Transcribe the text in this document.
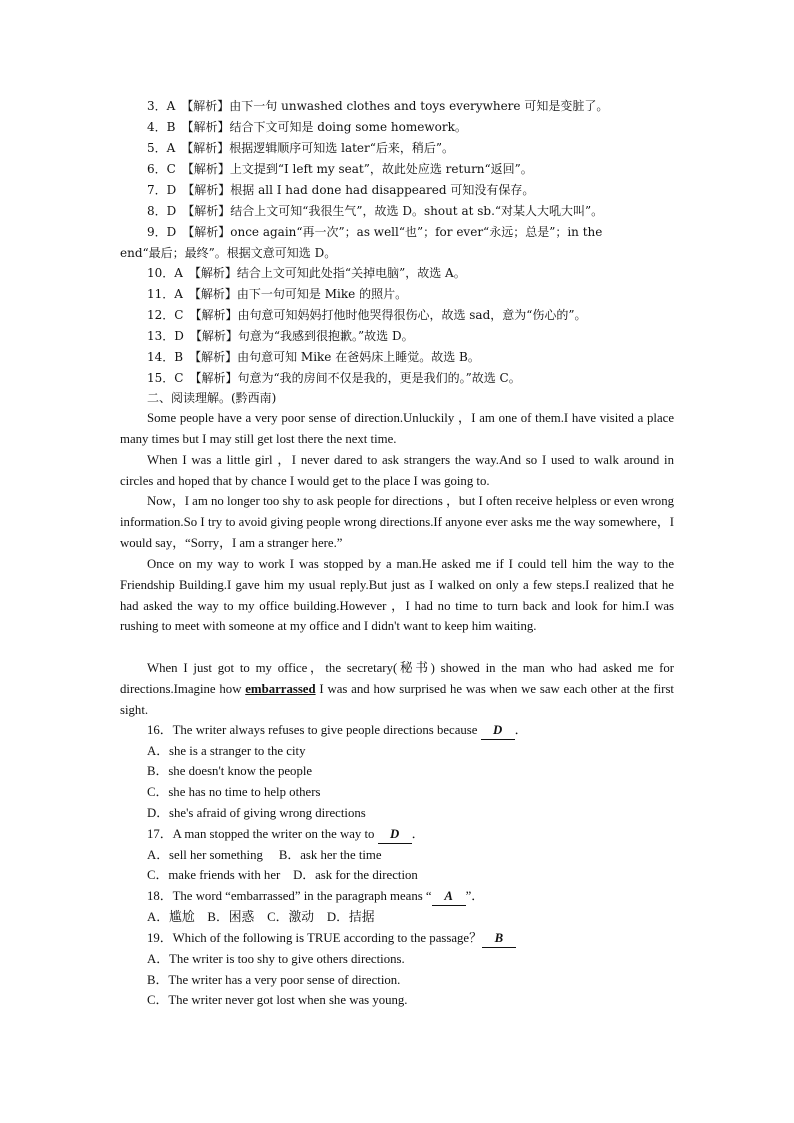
3．A　【解析】由下一句 unwashed clothes and toys everywhere 可知是变脏了。
4．B　【解析】结合下文可知是 doing some homework。
5．A　【解析】根据逻辑顺序可知选 later“后来，稍后”。
6．C　【解析】上文提到“I left my seat”，故此处应选 return“返回”。
7．D　【解析】根据 all I had done had disappeared 可知没有保存。
8．D　【解析】结合上文可知“我很生气”，故选 D。shout at sb.“对某人大吼大叫”。
9．D　【解析】once again“再一次”；as well“也”；for ever“永远；总是”；in the
end“最后；最终”。根据文意可知选 D。
10．A　【解析】结合上文可知此处指“关掉电脑”，故选 A。
11．A　【解析】由下一句可知是 Mike 的照片。
12．C　【解析】由句意可知妈妈打他时他哭得很伤心，故选 sad，意为“伤心的”。
13．D　【解析】句意为“我感到很抱歉。”故选 D。
14．B　【解析】由句意可知 Mike 在爸妈床上睡觉。故选 B。
15．C　【解析】句意为“我的房间不仅是我的，更是我们的。”故选 C。
二、阅读理解。(黔西南)
Some people have a very poor sense of direction.Unluckily ，I am one of them.I have visited a place many times but I may still get lost there the next time.
When I was a little girl ，I never dared to ask strangers the way.And so I used to walk around in circles and hoped that by chance I would get to the place I was going to.
Now，I am no longer too shy to ask people for directions ，but I often receive helpless or even wrong information.So I try to avoid giving people wrong directions.If anyone ever asks me the way somewhere，I would say，“Sorry，I am a stranger here.”
Once on my way to work I was stopped by a man.He asked me if I could tell him the way to the Friendship Building.I gave him my usual reply.But just as I walked on only a few steps.I realized that he had asked the way to my office building.However ，I had no time to turn back and look for him.I was rushing to meet with someone at my office and I didn't want to keep him waiting.
When I just got to my office，the secretary(秘书) showed in the man who had asked me for directions.Imagine how embarrassed I was and how surprised he was when we saw each other at the first sight.
16．The writer always refuses to give people directions because D ．
A．she is a stranger to the city
B．she doesn't know the people
C．she has no time to help others
D．she's afraid of giving wrong directions
17．A man stopped the writer on the way to D ．
A．sell her something　 B．ask her the time
C．make friends with her　D．ask for the direction
18．The word “embarrassed” in the paragraph means “ A ”．
A．尴尬　B．困惑　C．激动　D．拮据
19．Which of the following is TRUE according to the passage？ B
A．The writer is too shy to give others directions.
B．The writer has a very poor sense of direction.
C．The writer never got lost when she was young.
